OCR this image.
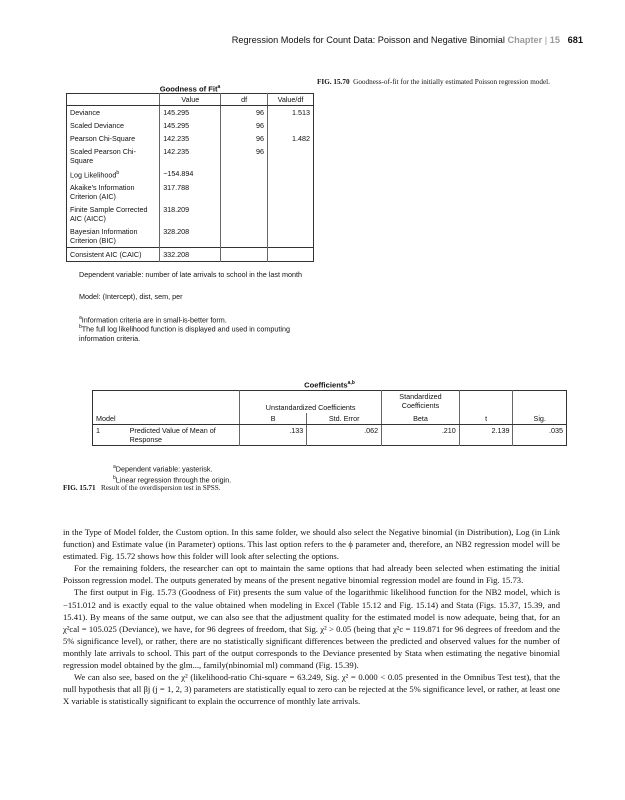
Regression Models for Count Data: Poisson and Negative Binomial Chapter | 15 681
Goodness of Fit$^a$
	Value	df	Value/df
Deviance	145.295	96	1.513
Scaled Deviance	145.295	96	
Pearson Chi-Square	142.235	96	1.482
Scaled Pearson Chi-Square	142.235	96	
Log Likelihood$^b$	−154.894		
Akaike's Information Criterion (AIC)	317.788		
Finite Sample Corrected AIC (AICC)	318.209		
Bayesian Information Criterion (BIC)	328.208		
Consistent AIC (CAIC)	332.208		
Dependent variable: number of late arrivals to school in the last month
Model: (Intercept), dist, sem, per
$^a$Information criteria are in small-is-better form.
$^b$The full log likelihood function is displayed and used in computing information criteria.
FIG. 15.70 Goodness-of-fit for the initially estimated Poisson regression model.
Coefficients$^{a,b}$
		Unstandardized Coefficients		Standardized Coefficients		
Model		B	Std. Error	Beta	t	Sig.
1	Predicted Value of Mean of Response	.133	.062	.210	2.139	.035
$^a$Dependent variable: yasterisk.
$^b$Linear regression through the origin.
FIG. 15.71 Result of the overdispersion test in SPSS.

in the Type of Model folder, the Custom option. In this same folder, we should also select the Negative binomial (in Distribution), Log (in Link function) and Estimate value (in Parameter) options. This last option refers to the ϕ parameter and, therefore, an NB2 regression model will be estimated. Fig. 15.72 shows how this folder will look after selecting the options.

For the remaining folders, the researcher can opt to maintain the same options that had already been selected when estimating the initial Poisson regression model. The outputs generated by means of the present negative binomial regression model are found in Fig. 15.73.

The first output in Fig. 15.73 (Goodness of Fit) presents the sum value of the logarithmic likelihood function for the NB2 model, which is −151.012 and is exactly equal to the value obtained when modeling in Excel (Table 15.12 and Fig. 15.14) and Stata (Figs. 15.37, 15.39, and 15.41). By means of the same output, we can also see that the adjustment quality for the estimated model is now adequate, being that, for an χ²cal = 105.025 (Deviance), we have, for 96 degrees of freedom, that Sig. χ² > 0.05 (being that χ²c = 119.871 for 96 degrees of freedom and the 5% significance level), or rather, there are no statistically significant differences between the predicted and observed values for the number of monthly late arrivals to school. This part of the output corresponds to the Deviance presented by Stata when estimating the negative binomial regression model obtained by the glm..., family(nbinomial ml) command (Fig. 15.39).

We can also see, based on the χ² (likelihood-ratio Chi-square = 63.249, Sig. χ² = 0.000 < 0.05 presented in the Omnibus Test test), that the null hypothesis that all βj (j = 1, 2, 3) parameters are statistically equal to zero can be rejected at the 5% significance level, or rather, at least one X variable is statistically significant to explain the occurrence of monthly late arrivals.
